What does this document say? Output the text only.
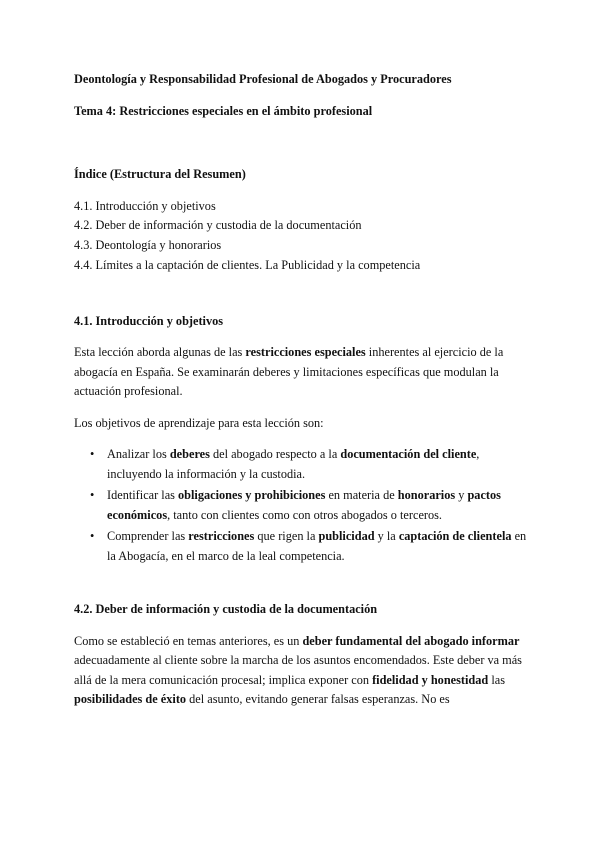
Deontología y Responsabilidad Profesional de Abogados y Procuradores

Tema 4: Restricciones especiales en el ámbito profesional

Índice (Estructura del Resumen)

4.1. Introducción y objetivos
4.2. Deber de información y custodia de la documentación
4.3. Deontología y honorarios
4.4. Límites a la captación de clientes. La Publicidad y la competencia

4.1. Introducción y objetivos

Esta lección aborda algunas de las restricciones especiales inherentes al ejercicio de la abogacía en España. Se examinarán deberes y limitaciones específicas que modulan la actuación profesional.

Los objetivos de aprendizaje para esta lección son:

• Analizar los deberes del abogado respecto a la documentación del cliente, incluyendo la información y la custodia.
• Identificar las obligaciones y prohibiciones en materia de honorarios y pactos económicos, tanto con clientes como con otros abogados o terceros.
• Comprender las restricciones que rigen la publicidad y la captación de clientela en la Abogacía, en el marco de la leal competencia.

4.2. Deber de información y custodia de la documentación

Como se estableció en temas anteriores, es un deber fundamental del abogado informar adecuadamente al cliente sobre la marcha de los asuntos encomendados. Este deber va más allá de la mera comunicación procesal; implica exponer con fidelidad y honestidad las posibilidades de éxito del asunto, evitando generar falsas esperanzas. No es
